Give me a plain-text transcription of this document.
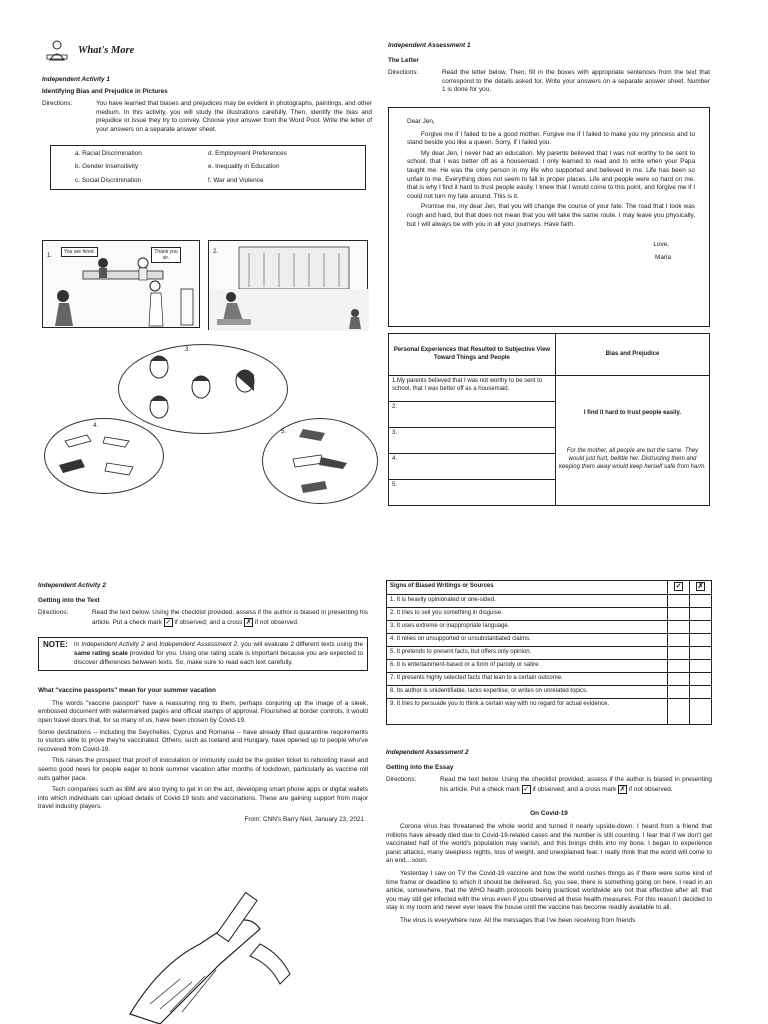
What's More
Independent Activity 1
Identifying Bias and Prejudice in Pictures
Directions:	You have learned that biases and prejudices may be evident in photographs, paintings, and other medium. In this activity, you will study the illustrations carefully. Then, identify the bias and prejudice or issue they try to convey. Choose your answer from the Word Pool. Write the letter of your answers on a separate answer sheet.
a. Racial Discrimination	d. Employment Preferences
b. Gender Insensitivity	e. Inequality in Education
c. Social Discrimination	f. War and Violence
1.
You are hired.	Thank you sir.
2.
3.
4.
5.
Independent Assessment 1
The Letter
Directions:	Read the letter below. Then, fill in the boxes with appropriate sentences from the text that correspond to the details asked for. Write your answers on a separate answer sheet. Number 1 is done for you.
Dear Jen,
Forgive me if I failed to be a good mother. Forgive me if I failed to make you my princess and to stand beside you like a queen. Sorry, if I failed you.
My dear Jen, I never had an education. My parents believed that I was not worthy to be sent to school, that I was better off as a housemaid. I only learned to read and to write when your Papa taught me. He was the only person in my life who supported and believed in me. Life has been so unfair to me. Everything does not seem to fall in proper places. Life and people were so hard on me, that is why I find it hard to trust people easily. I knew that I would come to this point, and forgive me if I could not turn my fate around. This is it.
Promise me, my dear Jen, that you will change the course of your fate. The road that I took was rough and hard, but that does not mean that you will take the same route. I may leave you physically, but I will always be with you in all your journeys. Have faith.
Love,
Maria
Personal Experiences that Resulted to Subjective View Toward Things and People	Bias and Prejudice
1.My parents believed that I was not worthy to be sent to school, that I was better off as a housemaid.	I find it hard to trust people easily.
For the mother, all people are but the same. They would just hurt, belittle her. Distrusting them and keeping them away would keep herself safe from harm.

2.	
3.	
4.	
5.	
Independent Activity 2
Getting into the Text
Directions:	Read the text below. Using the checklist provided, assess if the author is biased in presenting his article. Put a check mark ✓ if observed; and a cross ✗ if not observed.
NOTE: In Independent Activity 2 and Independent Assessment 2, you will evaluate 2 different texts using the same rating scale provided for you. Using one rating scale is important because you are expected to discover differences between texts. So, make sure to read each text carefully.
What "vaccine passports" mean for your summer vacation
The words "vaccine passport" have a reassuring ring to them, perhaps conjuring up the image of a sleek, embossed document with watermarked pages and official stamps of approval. Flourished at border controls, it would open travel doors that, for so many of us, have been chosen by Covid-19.
Some destinations -- including the Seychelles, Cyprus and Romania -- have already lifted quarantine requirements to visitors able to prove they're vaccinated. Others, such as Iceland and Hungary, have opened up to people who've recovered from Covid-19.
This raises the prospect that proof of inoculation or immunity could be the golden ticket to rebooting travel and seems good news for people eager to book summer vacation after months of lockdown, particularly as vaccine roll outs gather pace.
Tech companies such as IBM are also trying to get in on the act, developing smart phone apps or digital wallets into which individuals can upload details of Covid-19 tests and vaccinations. These are gaining support from major travel industry players.
From: CNN's Barry Neil, January 23, 2021
Signs of Biased Writings or Sources	✓	✗
1. It is heavily opinionated or one-sided.		
2. It tries to sell you something in disguise.		
3. It uses extreme or inappropriate language.		
4. It relies on unsupported or unsubstantiated claims.		
5. It pretends to present facts, but offers only opinion.		
6. It is entertainment-based or a form of parody or satire.		
7. It presents highly selected facts that lean to a certain outcome.		
8. Its author is unidentifiable, lacks expertise, or writes on unrelated topics.		
9. It tries to persuade you to think a certain way with no regard for actual evidence.		
Independent Assessment 2
Getting into the Essay
Directions:	Read the text below. Using the checklist provided, assess if the author is biased in presenting his article. Put a check mark ✓ if observed; and a cross mark ✗ if not observed.
On Covid-19
Corona virus has threatened the whole world and turned it nearly upside-down. I heard from a friend that millions have already died due to Covid-19-related cases and the number is still counting. I fear that if we don't get vaccinated half of the world's population may vanish, and this brings chills into my bone. I began to experience panic attacks, many sleepless nights, loss of weight, and unexplained fear. I really think that the world will come to an end…soon.
Yesterday I saw on TV the Covid-19 vaccine and how the world rushes things as if there were some kind of time frame or deadline to which it should be delivered. So, you see, there is something going on here. I read in an article, somewhere, that the WHO health protocols being practiced worldwide are not that effective after all; that you may still get infected with the virus even if you observed all these health measures. For this reason I decided to stay in my room and never ever leave the house until the vaccine has become readily available to all.
The virus is everywhere now. All the messages that I've been receiving from friends
